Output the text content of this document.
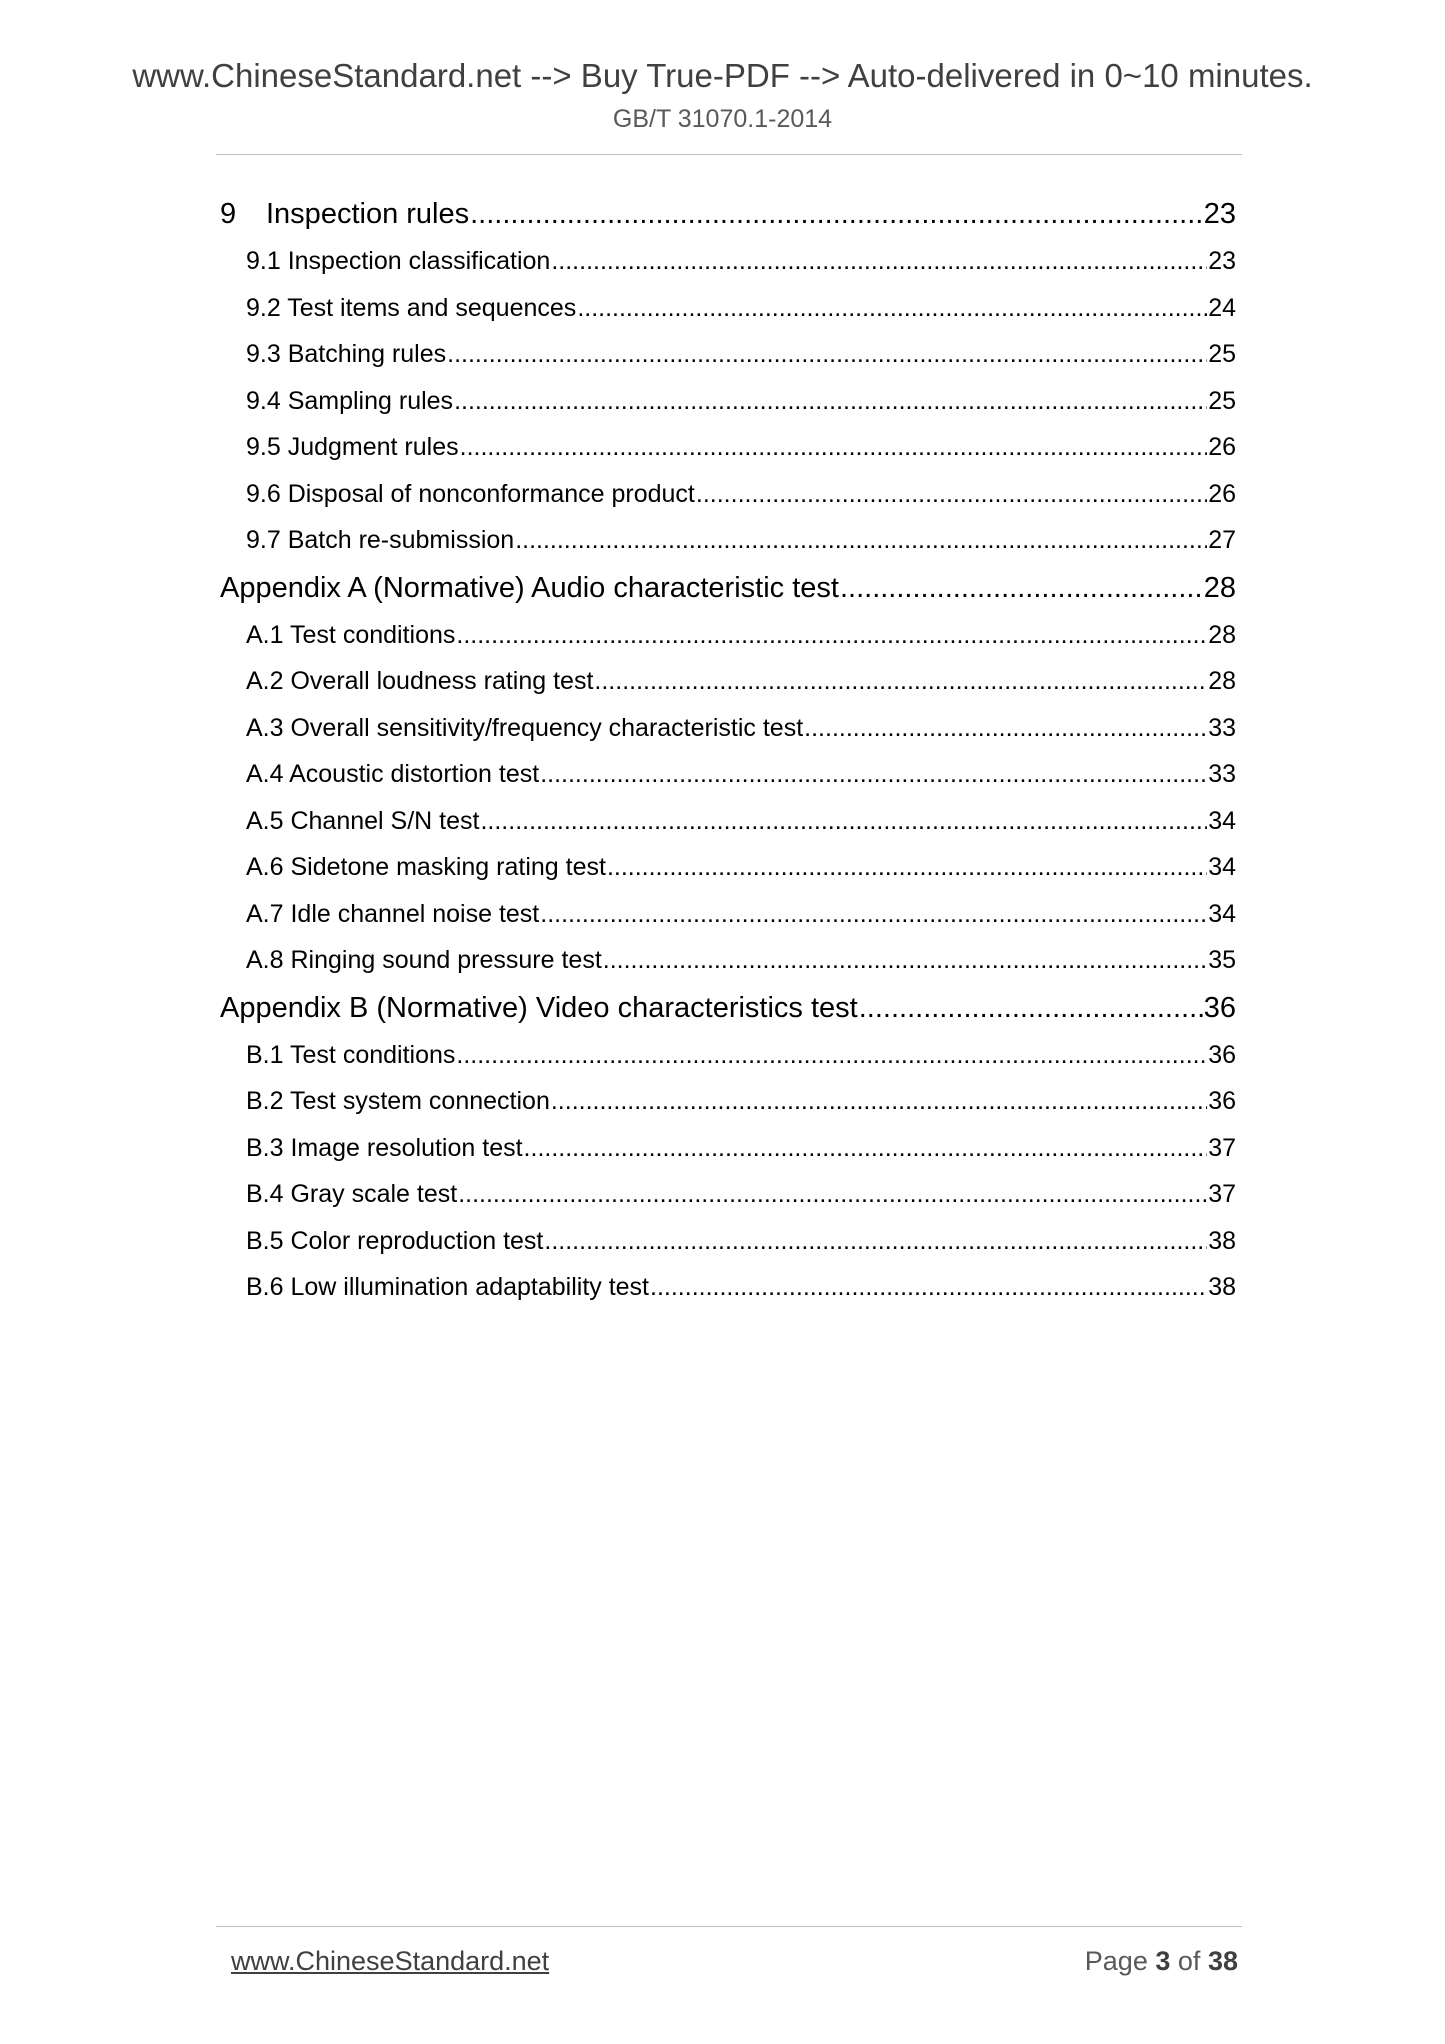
www.ChineseStandard.net --> Buy True-PDF --> Auto-delivered in 0~10 minutes.
GB/T 31070.1-2014
9	Inspection rules .....	23
9.1 Inspection classification .....	23
9.2 Test items and sequences .....	24
9.3 Batching rules .....	25
9.4 Sampling rules .....	25
9.5 Judgment rules .....	26
9.6 Disposal of nonconformance product .....	26
9.7 Batch re-submission .....	27
Appendix A (Normative) Audio characteristic test .....	28
A.1 Test conditions .....	28
A.2 Overall loudness rating test .....	28
A.3 Overall sensitivity/frequency characteristic test .....	33
A.4 Acoustic distortion test .....	33
A.5 Channel S/N test .....	34
A.6 Sidetone masking rating test .....	34
A.7 Idle channel noise test .....	34
A.8 Ringing sound pressure test .....	35
Appendix B (Normative) Video characteristics test .....	36
B.1 Test conditions .....	36
B.2 Test system connection .....	36
B.3 Image resolution test .....	37
B.4 Gray scale test .....	37
B.5 Color reproduction test .....	38
B.6 Low illumination adaptability test .....	38
www.ChineseStandard.net	Page 3 of 38
